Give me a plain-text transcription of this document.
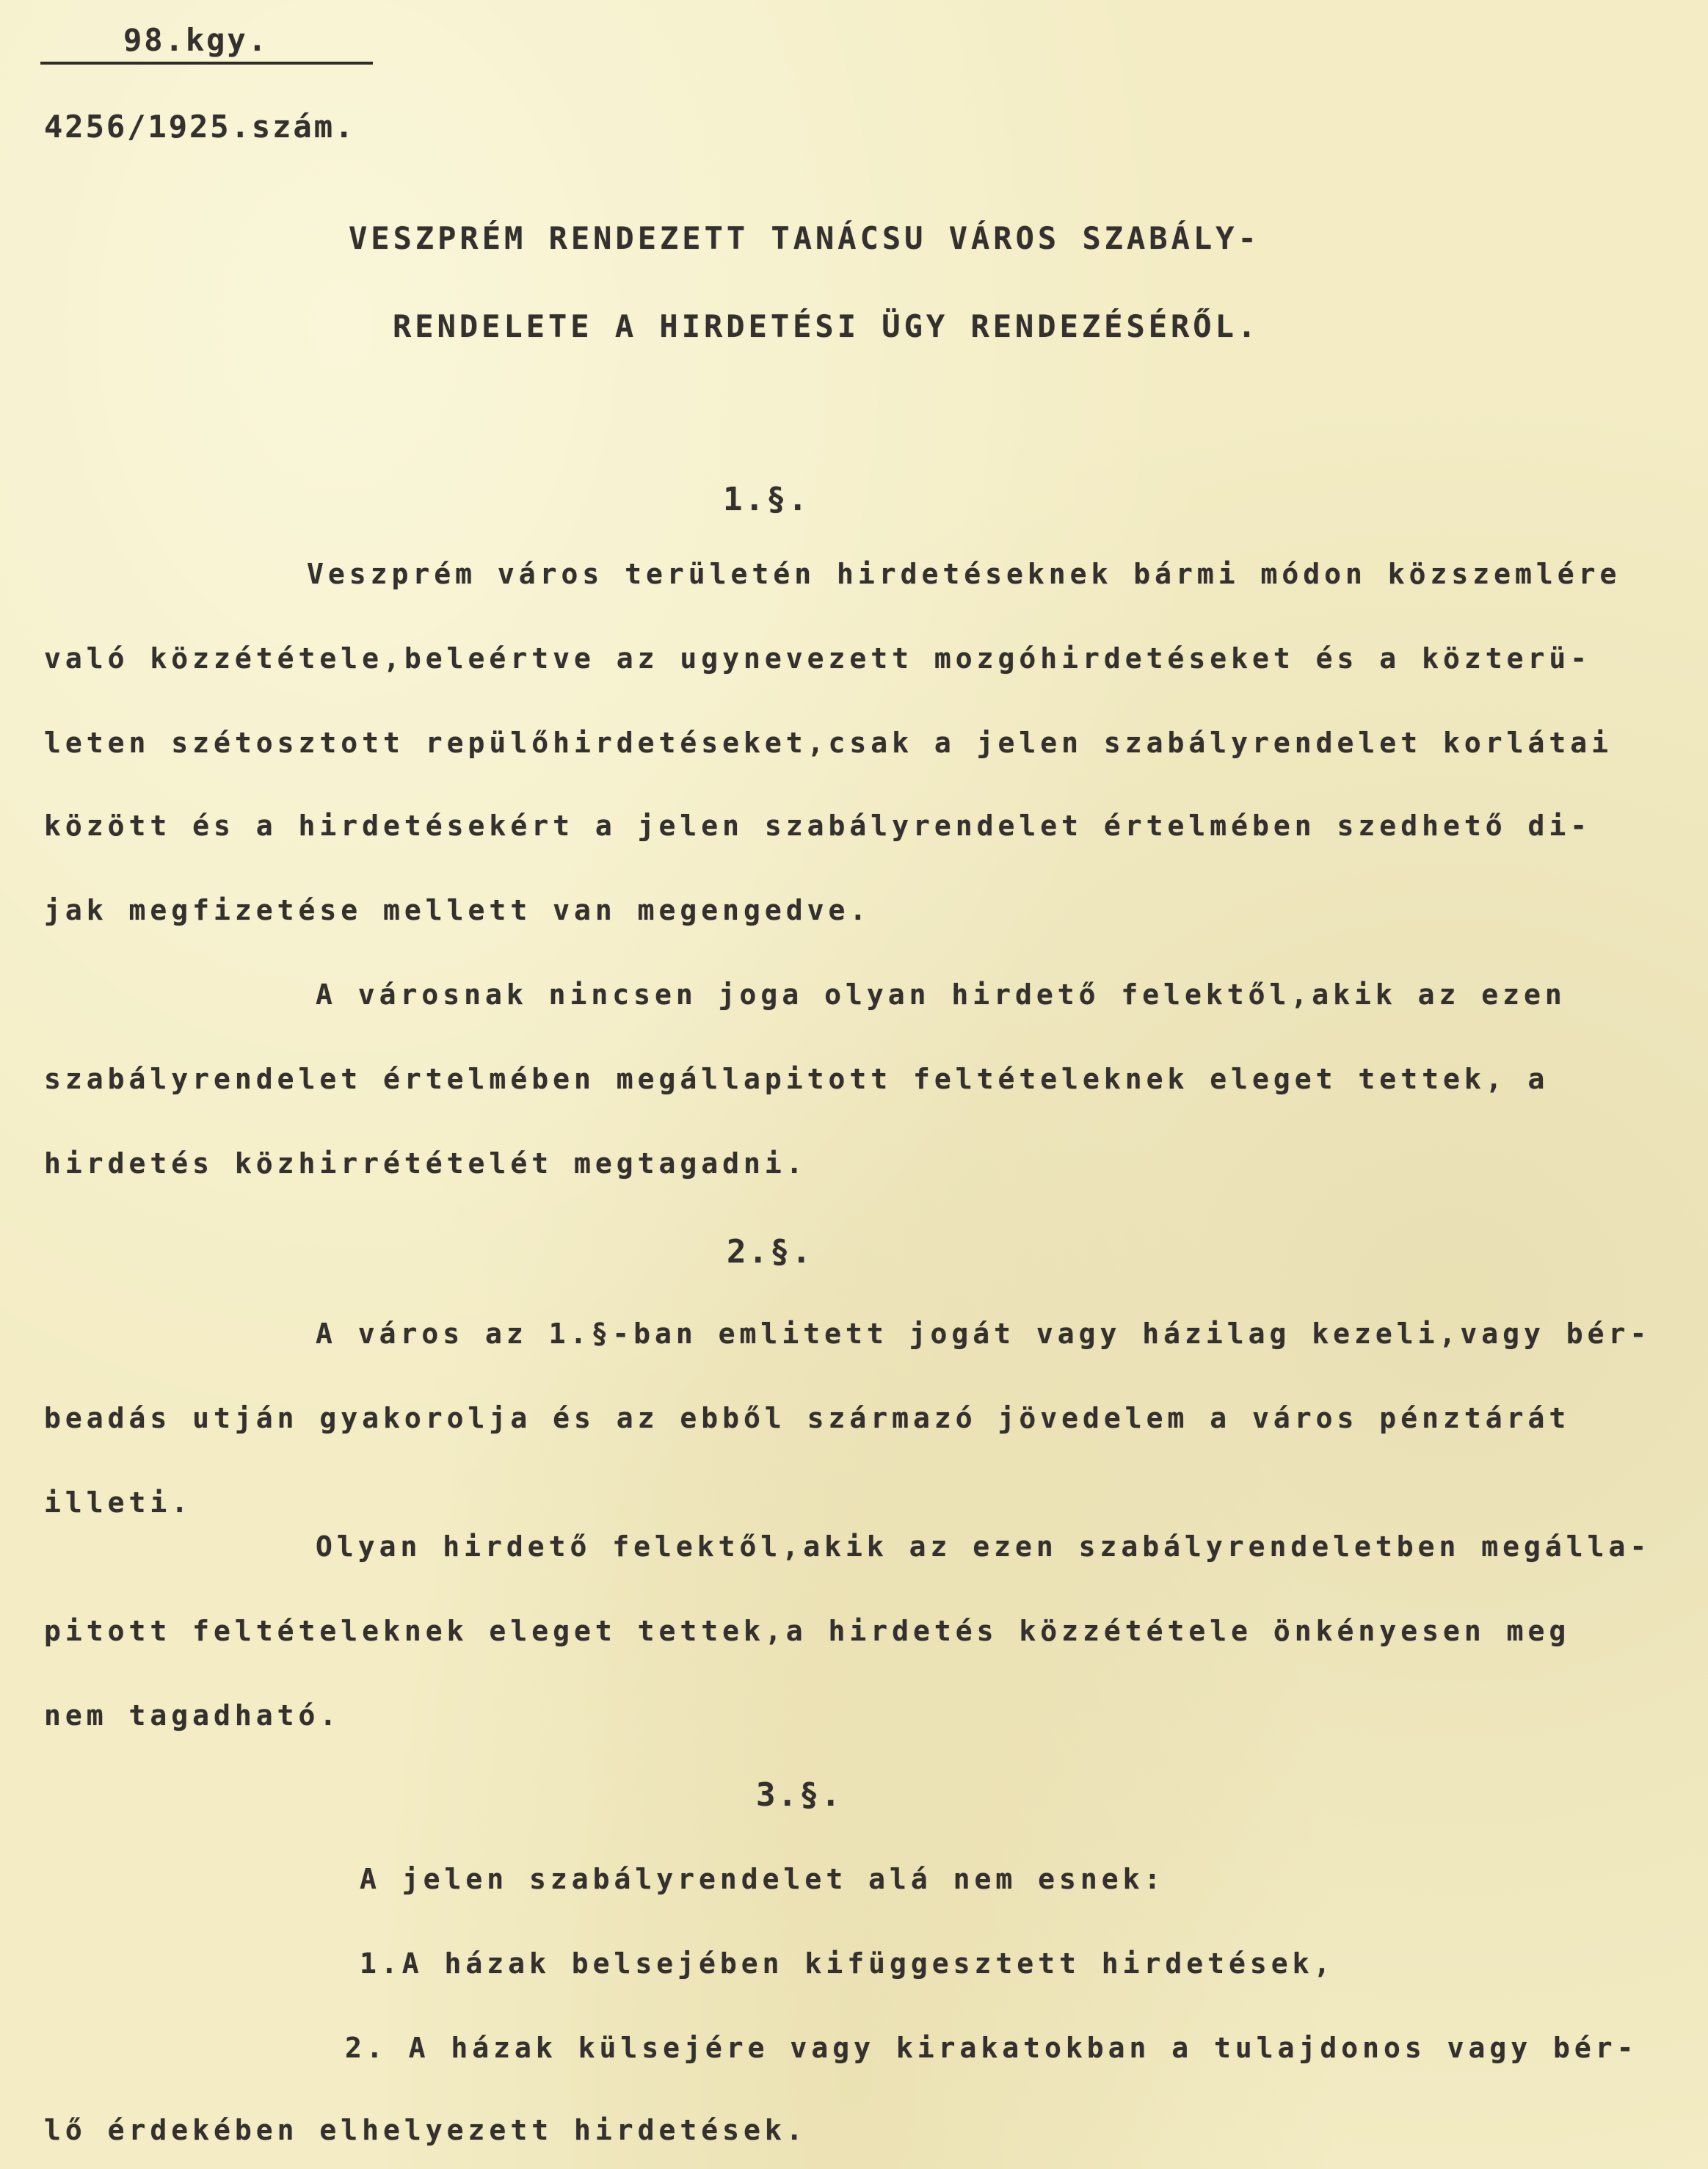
98.kgy.
4256/1925.szám.
VESZPRÉM RENDEZETT TANÁCSU VÁROS SZABÁLY-
RENDELETE A HIRDETÉSI ÜGY RENDEZÉSÉRŐL.
1.§.
Veszprém város területén hirdetéseknek bármi módon közszemlére
való közzététele,beleértve az ugynevezett mozgóhirdetéseket és a közterü-
leten szétosztott repülőhirdetéseket,csak a jelen szabályrendelet korlátai
között és a hirdetésekért a jelen szabályrendelet értelmében szedhető di-
jak megfizetése mellett van megengedve.
A városnak nincsen joga olyan hirdető felektől,akik az ezen
szabályrendelet értelmében megállapitott feltételeknek eleget tettek, a
hirdetés közhirrétételét megtagadni.
2.§.
A város az 1.§-ban emlitett jogát vagy házilag kezeli,vagy bér-
beadás utján gyakorolja és az ebből származó jövedelem a város pénztárát
illeti.
Olyan hirdető felektől,akik az ezen szabályrendeletben megálla-
pitott feltételeknek eleget tettek,a hirdetés közzététele önkényesen meg
nem tagadható.
3.§.
A jelen szabályrendelet alá nem esnek:
1.A házak belsejében kifüggesztett hirdetések,
2. A házak külsejére vagy kirakatokban a tulajdonos vagy bér-
lő érdekében elhelyezett hirdetések.
